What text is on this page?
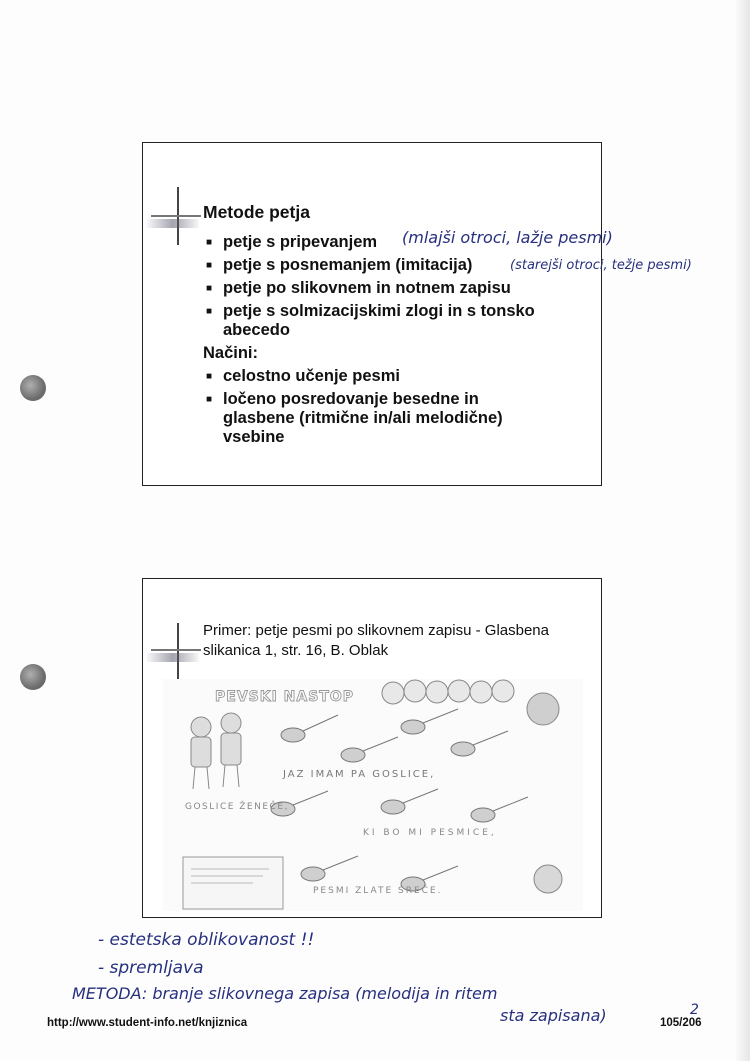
Metode petja
■ petje s pripevanjem
■ petje s posnemanjem (imitacija)
■ petje po slikovnem in notnem zapisu
■ petje s solmizacijskimi zlogi in s tonsko abecedo
Načini:
■ celostno učenje pesmi
■ ločeno posredovanje besedne in glasbene (ritmične in/ali melodične) vsebine
Primer: petje pesmi po slikovnem zapisu - Glasbena slikanica 1, str. 16, B. Oblak
PEVSKI NASTOP
JAZ IMAM PA GOSLICE,
GOSLICE ŽENEČE,
KI BO MI PESMICE,
PESMI ZLATE SREČE.
(mlajši otroci, lažje pesmi)
(starejši otroci, težje pesmi)
- estetska oblikovanost !!
- spremljava
METODA: branje slikovnega zapisa (melodija in ritem
sta zapisana)	2
http://www.student-info.net/knjiznica	105/206
